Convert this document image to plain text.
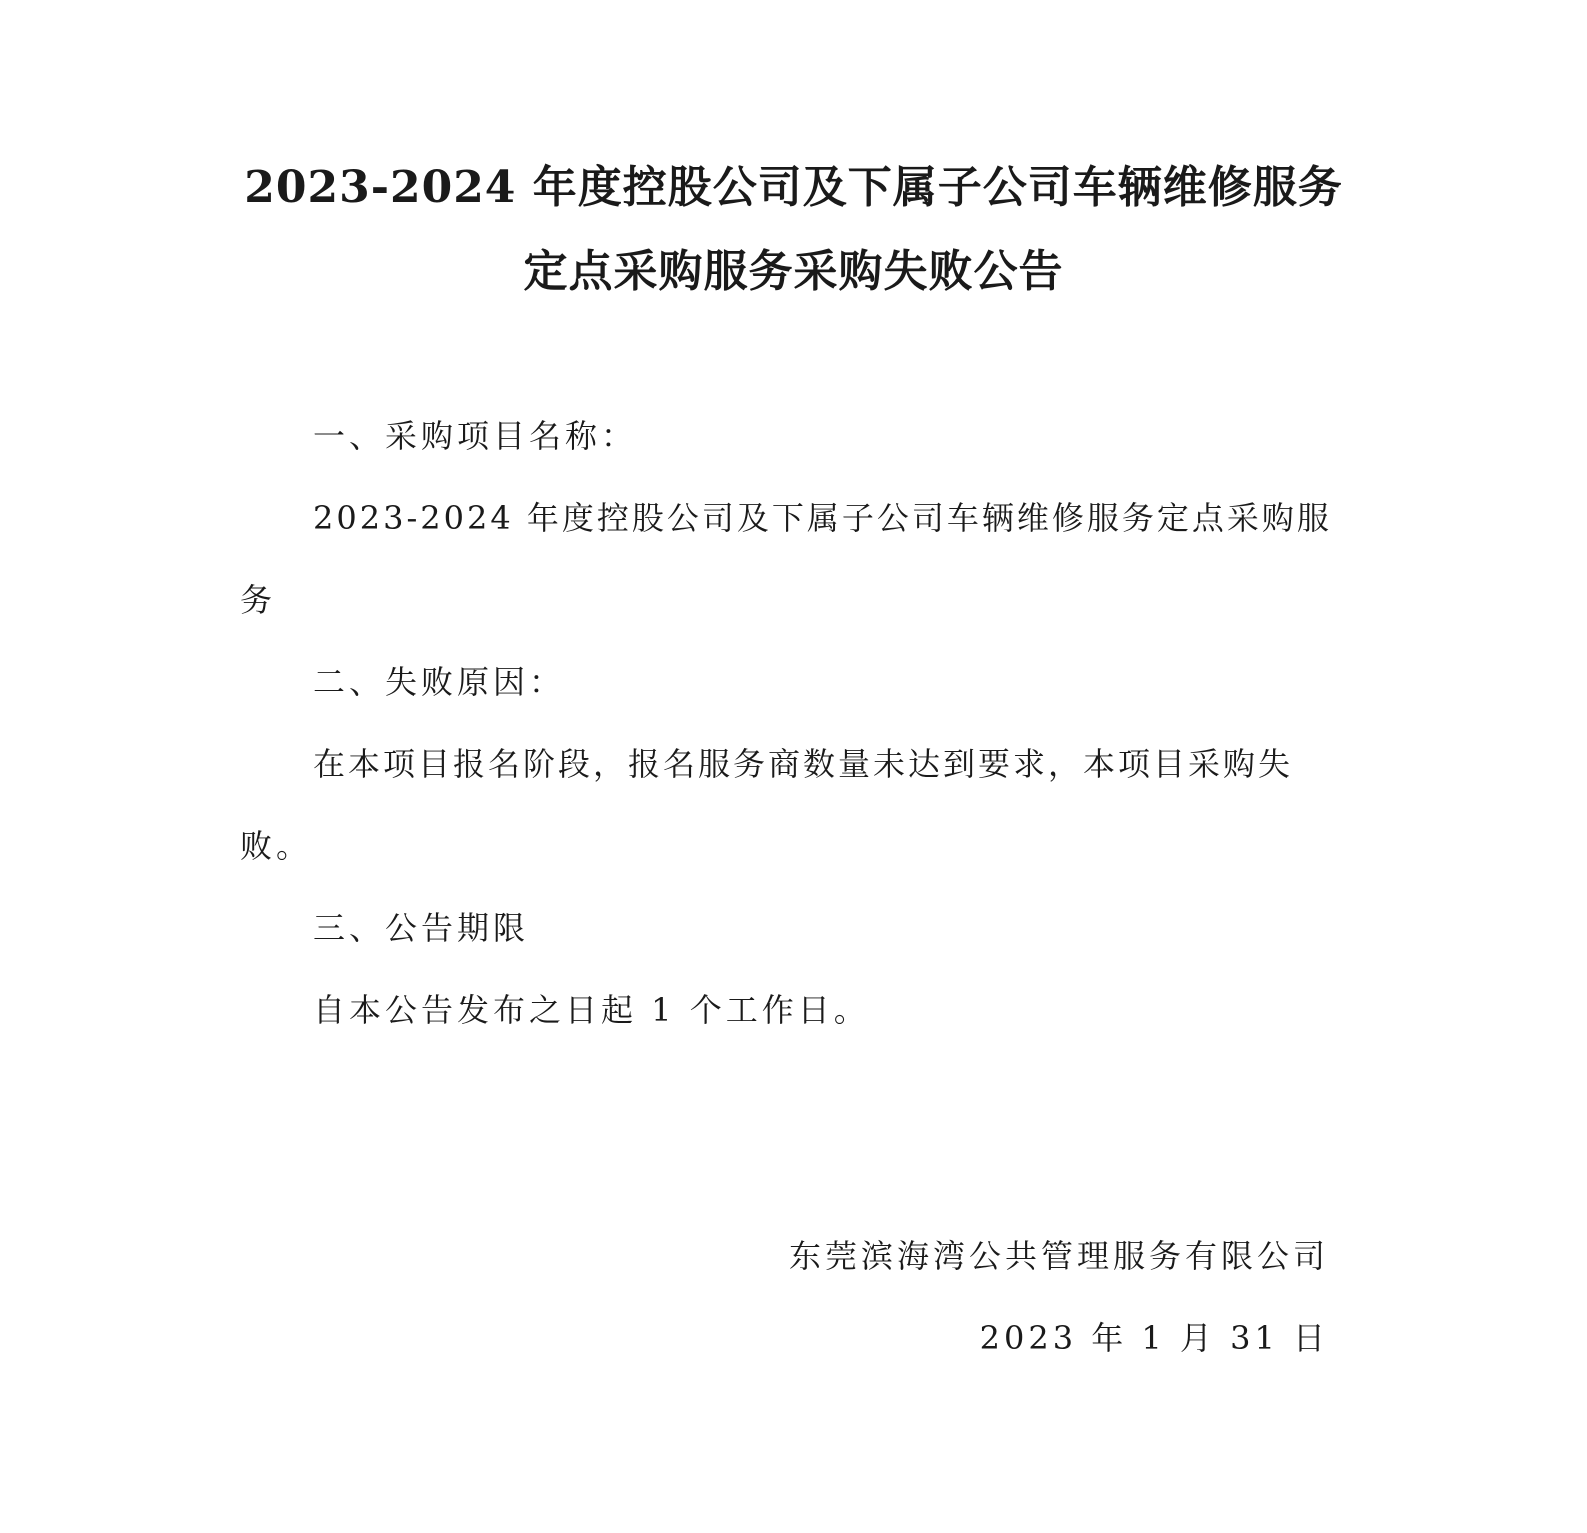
2023-2024 年度控股公司及下属子公司车辆维修服务
定点采购服务采购失败公告
一、采购项目名称：
2023-2024 年度控股公司及下属子公司车辆维修服务定点采购服
务
二、失败原因：
在本项目报名阶段，报名服务商数量未达到要求，本项目采购失
败。
三、公告期限
自本公告发布之日起 1 个工作日。
东莞滨海湾公共管理服务有限公司
2023 年 1 月 31 日
